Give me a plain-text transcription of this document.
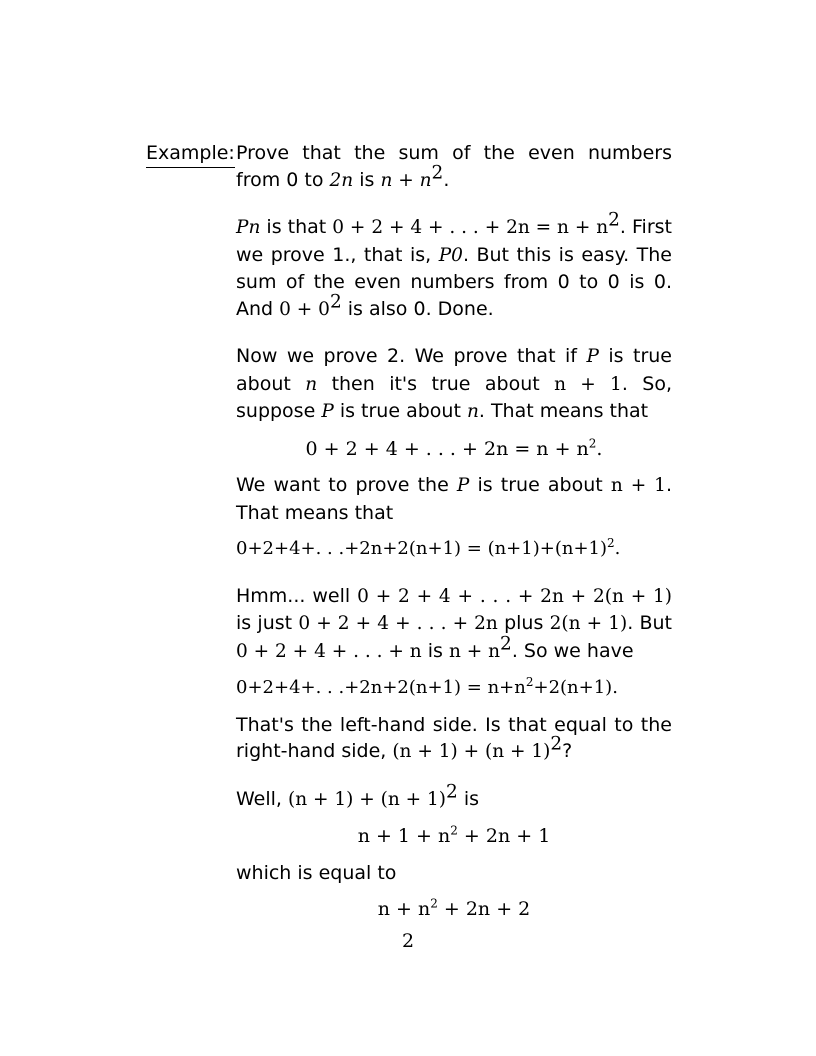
Example: Prove that the sum of the even numbers from 0 to 2n is $n + n^2$.

Pn is that 0 + 2 + 4 + . . . + $2n = n + n^2$. First we prove 1., that is, P0. But this is easy. The sum of the even numbers from 0 to 0 is 0. And $0 + 0^2$ is also 0. Done.

Now we prove 2. We prove that if P is true about n then it's true about n + 1. So, suppose P is true about n. That means that

0 + 2 + 4 + . . . + $2n = n + n^2$.

We want to prove the P is true about n + 1. That means that

0+2+4+. . $.+2n+2(n+1) = (n+1)+(n+1)^2$.

Hmm... well 0 + 2 + 4 + . . . + 2n + 2(n + 1) is just 0 + 2 + 4 + . . . + 2n plus 2(n + 1). But 0 + 2 + 4 + . . . + n is $n + n^2$. So we have

0+2+4+. . $.+2n+2(n+1) = n+n^2+2(n+1)$.

That's the left-hand side. Is that equal to the right-hand side, $(n + 1) + (n + 1)^2$?

Well, $(n + 1) + (n + 1)^2$ is

$n + 1 + n^2 + 2n + 1$

which is equal to

$n + n^2 + 2n + 2$
2
